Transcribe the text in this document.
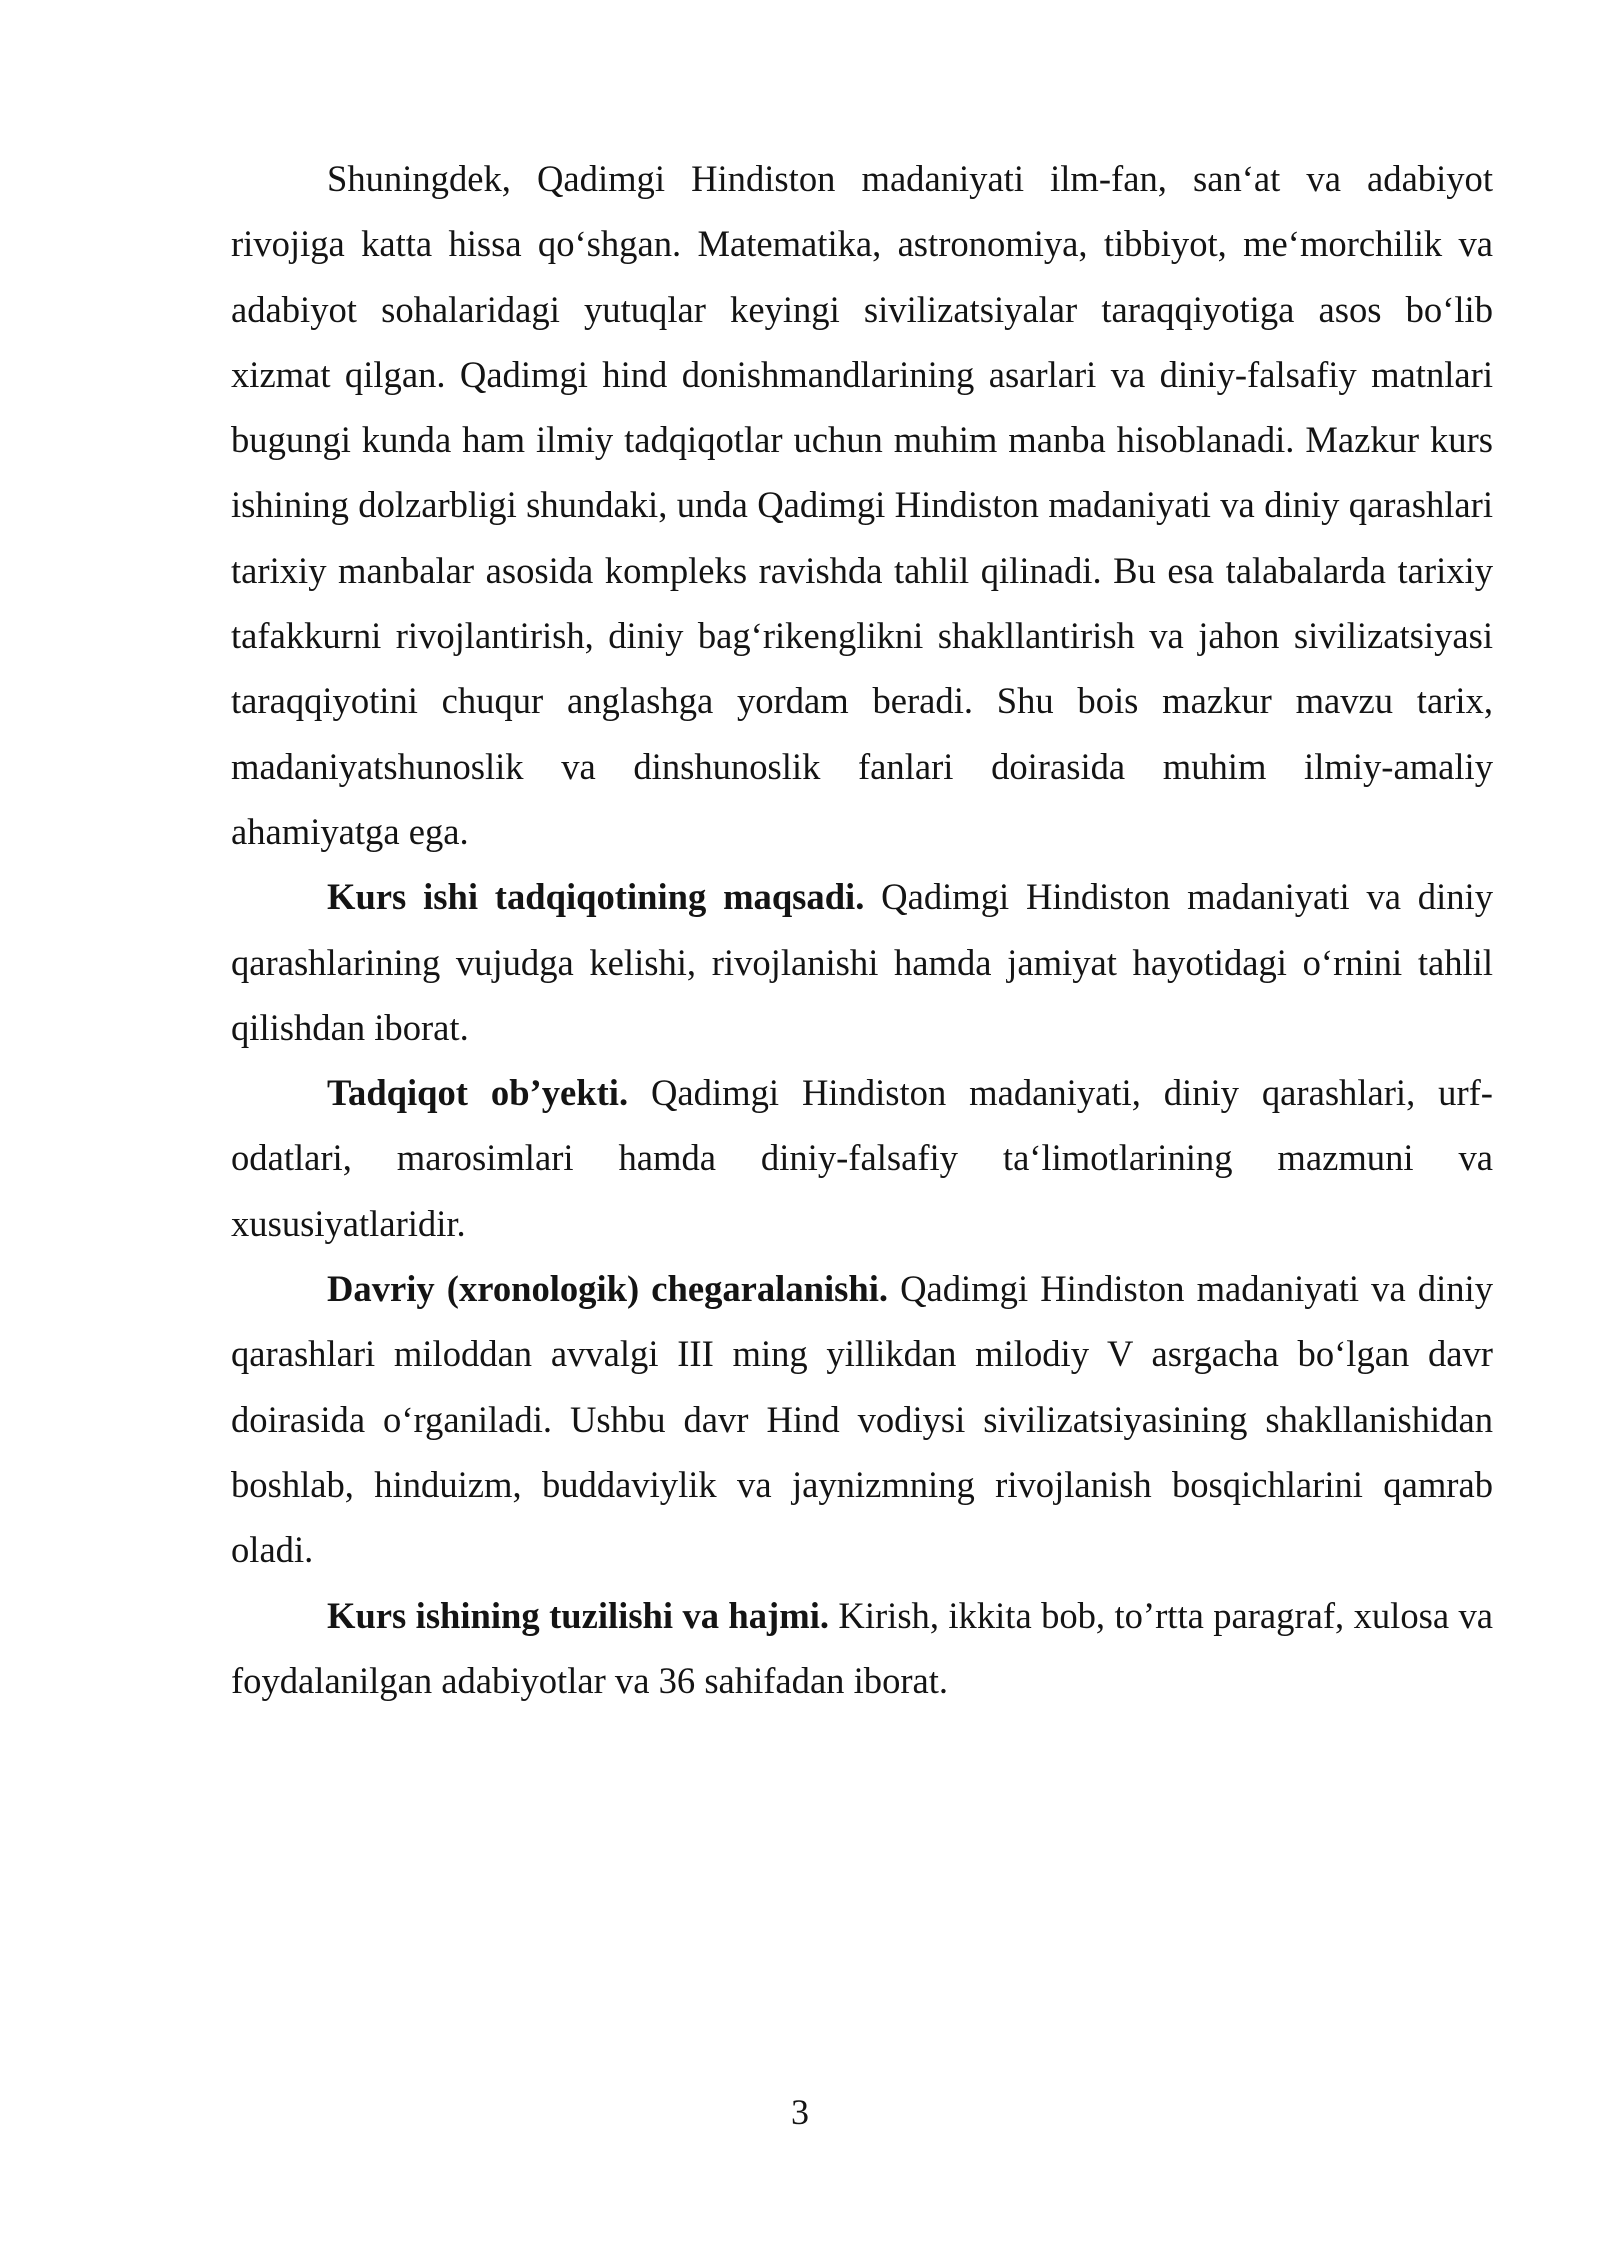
Shuningdek, Qadimgi Hindiston madaniyati ilm-fan, san‘at va adabiyot rivojiga katta hissa qo‘shgan. Matematika, astronomiya, tibbiyot, me‘morchilik va adabiyot sohalaridagi yutuqlar keyingi sivilizatsiyalar taraqqiyotiga asos bo‘lib xizmat qilgan. Qadimgi hind donishmandlarining asarlari va diniy-falsafiy matnlari bugungi kunda ham ilmiy tadqiqotlar uchun muhim manba hisoblanadi. Mazkur kurs ishining dolzarbligi shundaki, unda Qadimgi Hindiston madaniyati va diniy qarashlari tarixiy manbalar asosida kompleks ravishda tahlil qilinadi. Bu esa talabalarda tarixiy tafakkurni rivojlantirish, diniy bag‘rikenglikni shakllantirish va jahon sivilizatsiyasi taraqqiyotini chuqur anglashga yordam beradi. Shu bois mazkur mavzu tarix, madaniyatshunoslik va dinshunoslik fanlari doirasida muhim ilmiy-amaliy ahamiyatga ega.

Kurs ishi tadqiqotining maqsadi. Qadimgi Hindiston madaniyati va diniy qarashlarining vujudga kelishi, rivojlanishi hamda jamiyat hayotidagi o‘rnini tahlil qilishdan iborat.

Tadqiqot ob’yekti. Qadimgi Hindiston madaniyati, diniy qarashlari, urf-odatlari, marosimlari hamda diniy-falsafiy ta‘limotlarining mazmuni va xususiyatlaridir.

Davriy (xronologik) chegaralanishi. Qadimgi Hindiston madaniyati va diniy qarashlari miloddan avvalgi III ming yillikdan milodiy V asrgacha bo‘lgan davr doirasida o‘rganiladi. Ushbu davr Hind vodiysi sivilizatsiyasining shakllanishidan boshlab, hinduizm, buddaviylik va jaynizmning rivojlanish bosqichlarini qamrab oladi.

Kurs ishining tuzilishi va hajmi. Kirish, ikkita bob, to’rtta paragraf, xulosa va foydalanilgan adabiyotlar va 36 sahifadan iborat.

3
